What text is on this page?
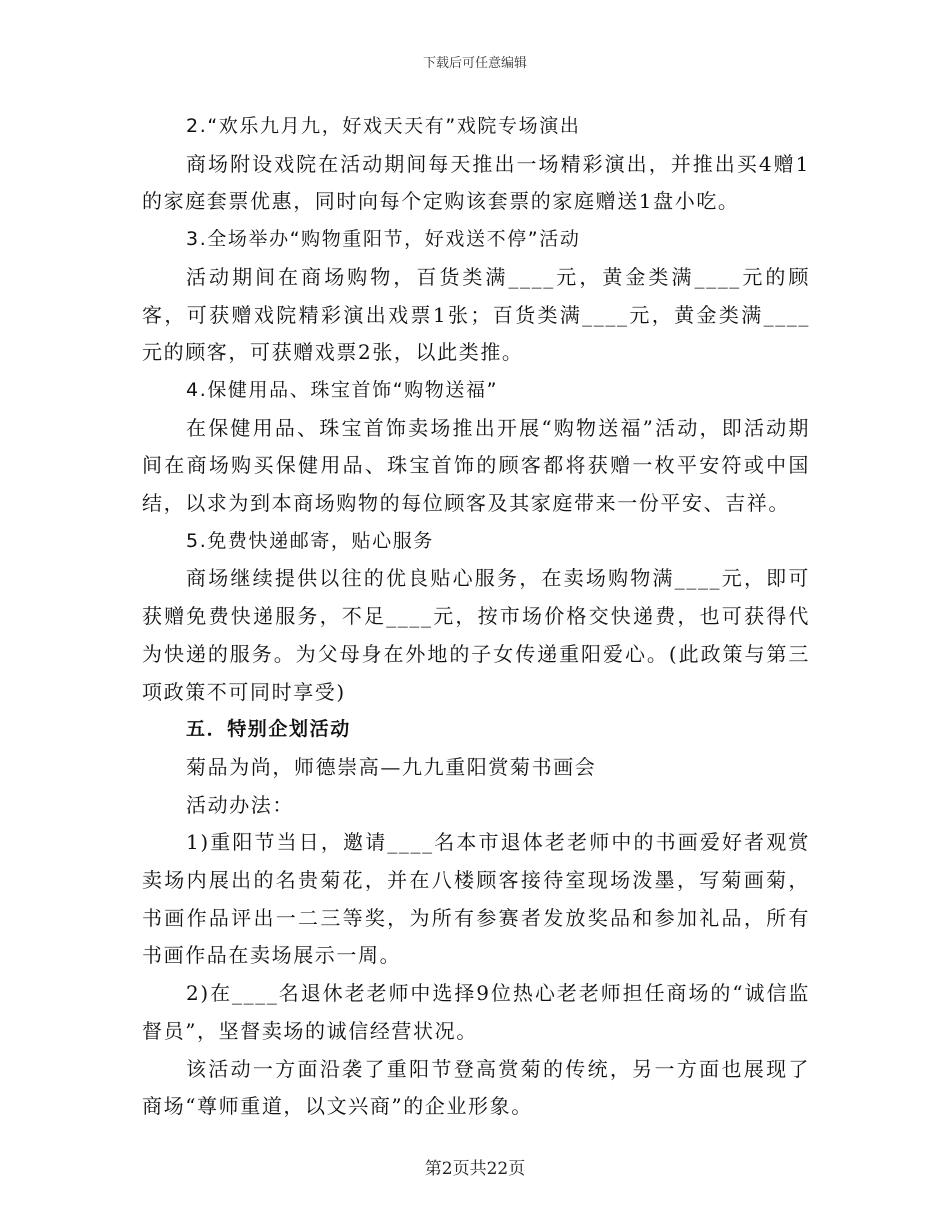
下载后可任意编辑

2.“欢乐九月九，好戏天天有”戏院专场演出

商场附设戏院在活动期间每天推出一场精彩演出，并推出买4赠1的家庭套票优惠，同时向每个定购该套票的家庭赠送1盘小吃。

3.全场举办“购物重阳节，好戏送不停”活动

活动期间在商场购物，百货类满____元，黄金类满____元的顾客，可获赠戏院精彩演出戏票1张；百货类满____元，黄金类满____元的顾客，可获赠戏票2张，以此类推。

4.保健用品、珠宝首饰“购物送福”

在保健用品、珠宝首饰卖场推出开展“购物送福”活动，即活动期间在商场购买保健用品、珠宝首饰的顾客都将获赠一枚平安符或中国结，以求为到本商场购物的每位顾客及其家庭带来一份平安、吉祥。

5.免费快递邮寄，贴心服务

商场继续提供以往的优良贴心服务，在卖场购物满____元，即可获赠免费快递服务，不足____元，按市场价格交快递费，也可获得代为快递的服务。为父母身在外地的子女传递重阳爱心。(此政策与第三项政策不可同时享受)

五．特别企划活动

菊品为尚，师德崇高—九九重阳赏菊书画会

活动办法：

1)重阳节当日，邀请____名本市退体老老师中的书画爱好者观赏卖场内展出的名贵菊花，并在八楼顾客接待室现场泼墨，写菊画菊，书画作品评出一二三等奖，为所有参赛者发放奖品和参加礼品，所有书画作品在卖场展示一周。

2)在____名退休老老师中选择9位热心老老师担任商场的“诚信监督员”，坚督卖场的诚信经营状况。

该活动一方面沿袭了重阳节登高赏菊的传统，另一方面也展现了商场“尊师重道，以文兴商”的企业形象。

第2页共22页
